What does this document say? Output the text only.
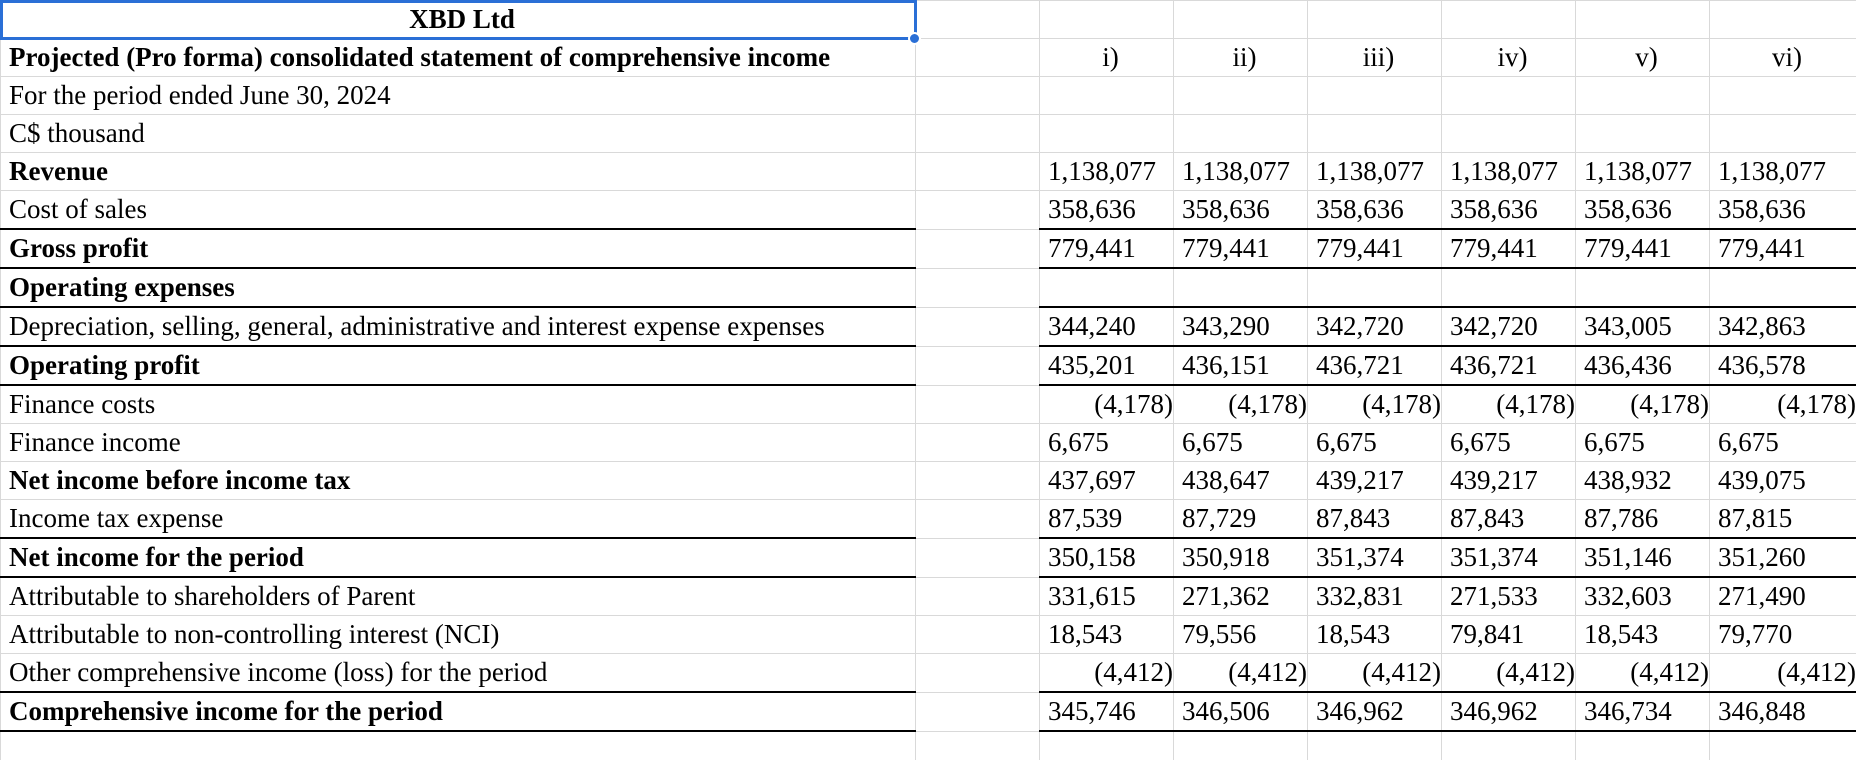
XBD Ltd							
Projected (Pro forma) consolidated statement of comprehensive income		i)	ii)	iii)	iv)	v)	vi)
For the period ended June 30, 2024							
C$ thousand							
Revenue		1,138,077	1,138,077	1,138,077	1,138,077	1,138,077	1,138,077
Cost of sales		358,636	358,636	358,636	358,636	358,636	358,636
Gross profit		779,441	779,441	779,441	779,441	779,441	779,441
Operating expenses							
Depreciation, selling, general, administrative and interest expense expenses		344,240	343,290	342,720	342,720	343,005	342,863
Operating profit		435,201	436,151	436,721	436,721	436,436	436,578
Finance costs		(4,178)	(4,178)	(4,178)	(4,178)	(4,178)	(4,178)
Finance income		6,675	6,675	6,675	6,675	6,675	6,675
Net income before income tax		437,697	438,647	439,217	439,217	438,932	439,075
Income tax expense		87,539	87,729	87,843	87,843	87,786	87,815
Net income for the period		350,158	350,918	351,374	351,374	351,146	351,260
Attributable to shareholders of Parent		331,615	271,362	332,831	271,533	332,603	271,490
Attributable to non-controlling interest (NCI)		18,543	79,556	18,543	79,841	18,543	79,770
Other comprehensive income (loss) for the period		(4,412)	(4,412)	(4,412)	(4,412)	(4,412)	(4,412)
Comprehensive income for the period		345,746	346,506	346,962	346,962	346,734	346,848
